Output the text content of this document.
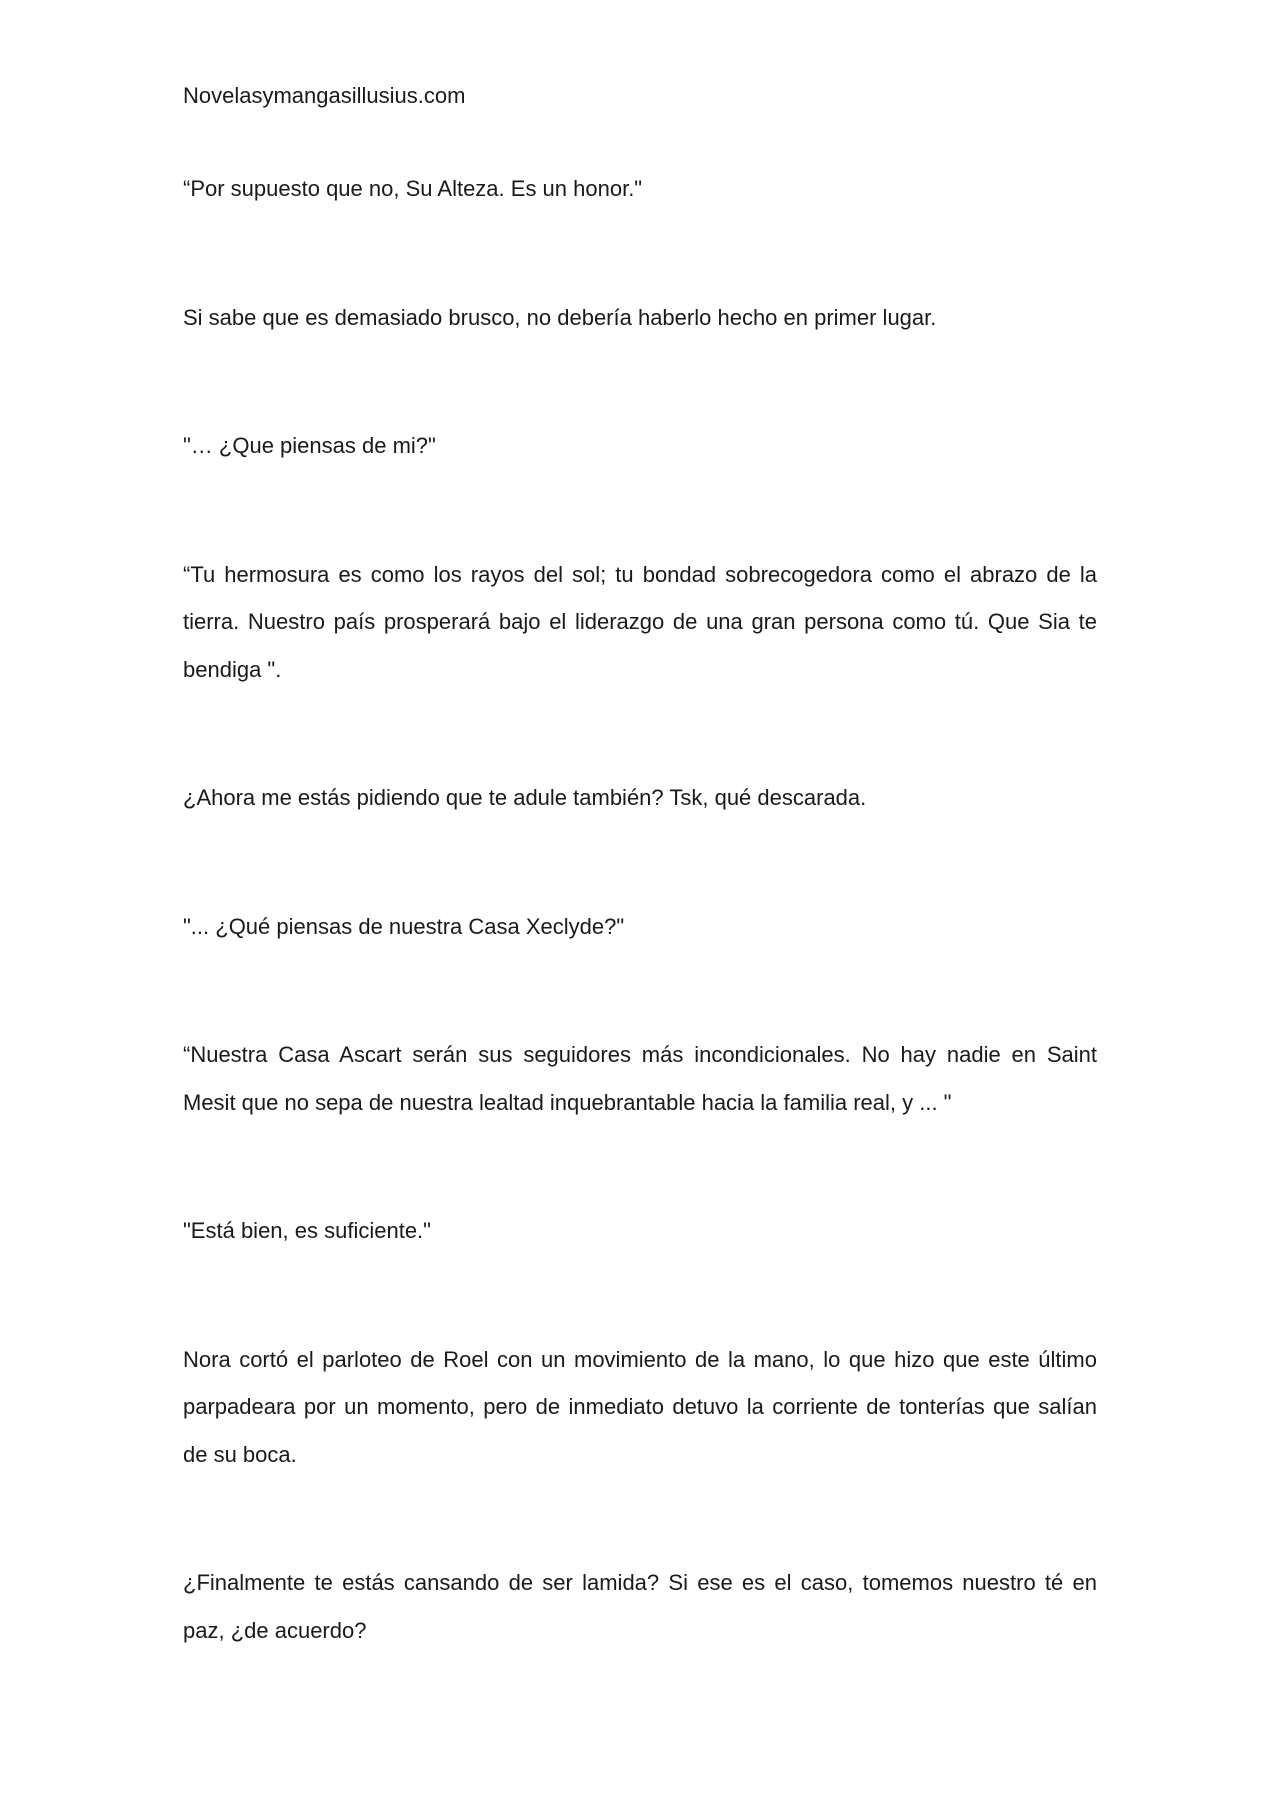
Novelasymangasillusius.com

“Por supuesto que no, Su Alteza. Es un honor."

Si sabe que es demasiado brusco, no debería haberlo hecho en primer lugar.

"… ¿Que piensas de mi?"

“Tu hermosura es como los rayos del sol; tu bondad sobrecogedora como el abrazo de la tierra. Nuestro país prosperará bajo el liderazgo de una gran persona como tú. Que Sia te bendiga ".

¿Ahora me estás pidiendo que te adule también? Tsk, qué descarada.

"... ¿Qué piensas de nuestra Casa Xeclyde?"

“Nuestra Casa Ascart serán sus seguidores más incondicionales. No hay nadie en Saint Mesit que no sepa de nuestra lealtad inquebrantable hacia la familia real, y ... "

"Está bien, es suficiente."

Nora cortó el parloteo de Roel con un movimiento de la mano, lo que hizo que este último parpadeara por un momento, pero de inmediato detuvo la corriente de tonterías que salían de su boca.

¿Finalmente te estás cansando de ser lamida? Si ese es el caso, tomemos nuestro té en paz, ¿de acuerdo?
